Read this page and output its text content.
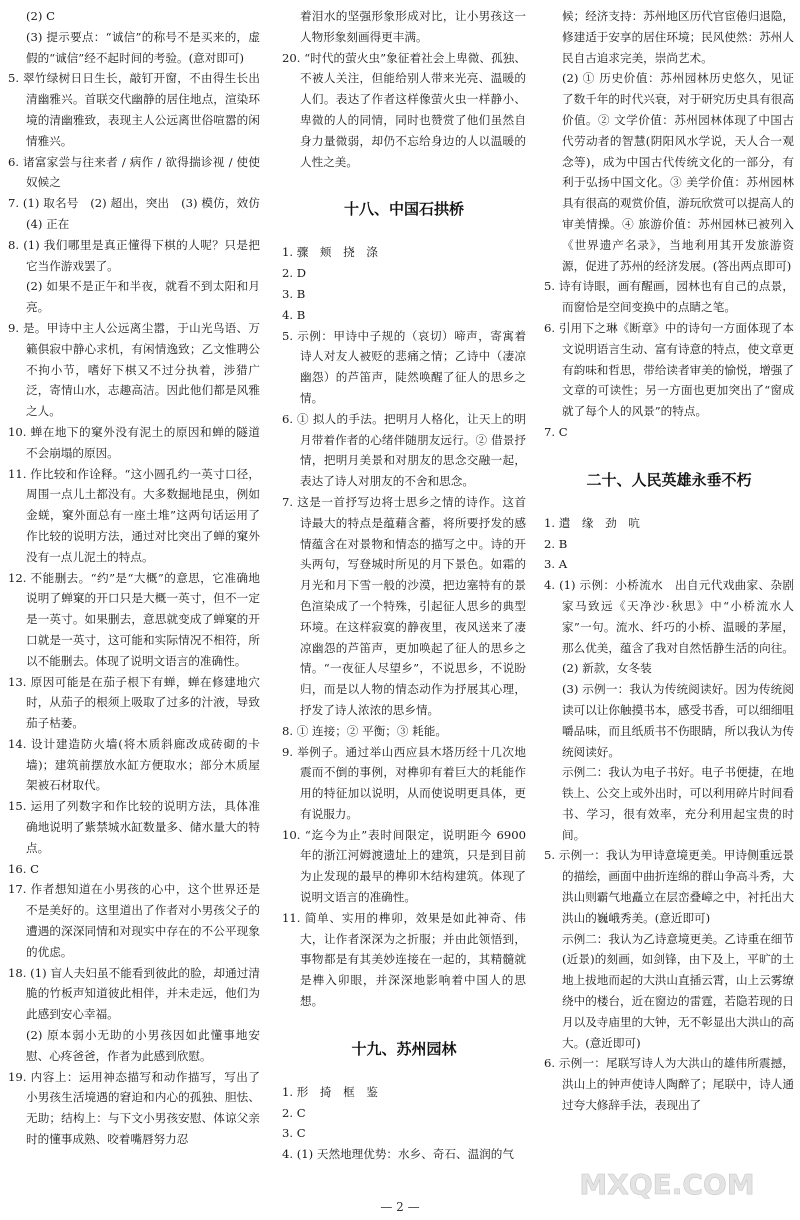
(2) C

(3) 提示要点：“诚信”的称号不是买来的，虚假的“诚信”经不起时间的考验。(意对即可)

5. 翠竹绿树日日生长，敲钉开窗，不由得生长出清幽雅兴。首联交代幽静的居住地点，渲染环境的清幽雅致，表现主人公远离世俗喧嚣的闲情雅兴。

6. 诸富家尝与往来者 / 病作 / 欲得揣诊视 / 使使奴候之

7. (1) 取名号　(2) 超出，突出　(3) 模仿，效仿　(4) 正在

8. (1) 我们哪里是真正懂得下棋的人呢？只是把它当作游戏罢了。

(2) 如果不是正午和半夜，就看不到太阳和月亮。

9. 是。甲诗中主人公远离尘嚣，于山光鸟语、万籁俱寂中静心求机，有闲情逸致；乙文惟聘公不拘小节，嗜好下棋又不过分执着，涉猎广泛，寄情山水，志趣高洁。因此他们都是风雅之人。

10. 蝉在地下的窠外没有泥土的原因和蝉的隧道不会崩塌的原因。

11. 作比较和作诠释。“这小圆孔约一英寸口径，周围一点儿土都没有。大多数掘地昆虫，例如金蜣，窠外面总有一座土堆”这两句话运用了作比较的说明方法，通过对比突出了蝉的窠外没有一点儿泥土的特点。

12. 不能删去。“约”是“大概”的意思，它准确地说明了蝉窠的开口只是大概一英寸，但不一定是一英寸。如果删去，意思就变成了蝉窠的开口就是一英寸，这可能和实际情况不相符，所以不能删去。体现了说明文语言的准确性。

13. 原因可能是在茄子根下有蝉，蝉在修建地穴时，从茄子的根须上吸取了过多的汁液，导致茄子枯萎。

14. 设计建造防火墙(将木质斜廊改成砖砌的卡墙)；建筑前摆放水缸方便取水；部分木质屋架被石材取代。

15. 运用了列数字和作比较的说明方法，具体准确地说明了紫禁城水缸数量多、储水量大的特点。

16. C

17. 作者想知道在小男孩的心中，这个世界还是不是美好的。这里道出了作者对小男孩父子的遭遇的深深同情和对现实中存在的不公平现象的优虑。

18. (1) 盲人夫妇虽不能看到彼此的脸，却通过清脆的竹板声知道彼此相伴，并未走远，他们为此感到安心幸福。

(2) 原本弱小无助的小男孩因如此懂事地安慰、心疼爸爸，作者为此感到欣慰。

19. 内容上：运用神态描写和动作描写，写出了小男孩生活境遇的窘迫和内心的孤独、胆怯、无助；结构上：与下文小男孩安慰、体谅父亲时的懂事成熟、咬着嘴唇努力忍

着泪水的坚强形象形成对比，让小男孩这一人物形象刻画得更丰满。

20. “时代的萤火虫”象征着社会上卑微、孤独、不被人关注，但能给别人带来光亮、温暖的人们。表达了作者这样像萤火虫一样静小、卑微的人的同情，同时也赞赏了他们虽然自身力量微弱，却仍不忘给身边的人以温暖的人性之美。

十八、中国石拱桥

1. 骤　颊　挠　涤

2. D

3. B

4. B

5. 示例：甲诗中子规的（哀切）啼声，寄寓着诗人对友人被贬的悲痛之情；乙诗中（凄凉幽怨）的芦笛声，陡然唤醒了征人的思乡之情。

6. ① 拟人的手法。把明月人格化，让天上的明月带着作者的心绪伴随朋友远行。② 借景抒情，把明月美景和对朋友的思念交融一起，表达了诗人对朋友的不舍和思念。

7. 这是一首抒写边将士思乡之情的诗作。这首诗最大的特点是蕴藉含蓄，将所要抒发的感情蕴含在对景物和情态的描写之中。诗的开头两句，写登城时所见的月下景色。如霜的月光和月下雪一般的沙漠，把边塞特有的景色渲染成了一个特殊，引起征人思乡的典型环境。在这样寂寞的静夜里，夜风送来了凄凉幽怨的芦笛声，更加唤起了征人的思乡之情。“一夜征人尽望乡”，不说思乡，不说盼归，而是以人物的情态动作为抒展其心理，抒发了诗人浓浓的思乡情。

8. ① 连接；② 平衡；③ 耗能。

9. 举例子。通过举山西应县木塔历经十几次地震而不倒的事例，对榫卯有着巨大的耗能作用的特征加以说明，从而使说明更具体，更有说服力。

10. “迄今为止”表时间限定，说明距今 6900 年的浙江河姆渡遗址上的建筑，只是到目前为止发现的最早的榫卯木结构建筑。体现了说明文语言的准确性。

11. 简单、实用的榫卯，效果是如此神奇、伟大，让作者深深为之折服；并由此领悟到，事物都是有其美妙连接在一起的，其精髓就是榫入卯眼，并深深地影响着中国人的思想。

十九、苏州园林

1. 形　掎　框　鉴

2. C

3. C

4. (1) 天然地理优势：水乡、奇石、温润的气

候；经济支持：苏州地区历代官宦倦归退隐，修建适于安享的居住环境；民风使然：苏州人民自古追求完美，崇尚艺术。

(2) ① 历史价值：苏州园林历史悠久，见证了数千年的时代兴衰，对于研究历史具有很高价值。② 文学价值：苏州园林体现了中国古代劳动者的智慧(阴阳风水学说，天人合一观念等)，成为中国古代传统文化的一部分，有利于弘扬中国文化。③ 美学价值：苏州园林具有很高的观赏价值，游玩欣赏可以提高人的审美情操。④ 旅游价值：苏州园林已被列入《世界遗产名录》，当地利用其开发旅游资源，促进了苏州的经济发展。(答出两点即可)

5. 诗有诗眼，画有醒画，园林也有自己的点景，而窗恰是空间变换中的点睛之笔。

6. 引用下之琳《断章》中的诗句一方面体现了本文说明语言生动、富有诗意的特点，使文章更有韵味和哲思，带给读者审美的愉悦，增强了文章的可读性；另一方面也更加突出了“窗成就了每个人的风景”的特点。

7. C

二十、人民英雄永垂不朽

1. 遣　缘　劲　吭

2. B

3. A

4. (1) 示例：小桥流水　出自元代戏曲家、杂剧家马致远《天净沙·秋思》中“小桥流水人家”一句。流水、纤巧的小桥、温暖的茅屋，那么优美，蕴含了我对自然恬静生活的向往。

(2) 新款，女冬装

(3) 示例一：我认为传统阅读好。因为传统阅读可以让你触摸书本，感受书香，可以细细咀嚼品味，而且纸质书不伤眼睛，所以我认为传统阅读好。

示例二：我认为电子书好。电子书便捷，在地铁上、公交上或外出时，可以利用碎片时间看书、学习，很有效率，充分利用起宝贵的时间。

5. 示例一：我认为甲诗意境更美。甲诗侧重远景的描绘，画面中曲折连绵的群山争高斗秀，大洪山则霸气地矗立在层峦叠嶂之中，衬托出大洪山的巍峨秀美。(意近即可)

示例二：我认为乙诗意境更美。乙诗重在细节(近景)的刻画，如剑锋，由下及上，平旷的土地上拔地而起的大洪山直插云霄，山上云雾缭绕中的楼台，近在窗边的雷霆，若隐若现的日月以及寺庙里的大钟，无不彰显出大洪山的高大。(意近即可)

6. 示例一：尾联写诗人为大洪山的雄伟所震撼，洪山上的钟声使诗人陶醉了；尾联中，诗人通过夸大修辞手法，表现出了

— 2 —
MXQE.COM
